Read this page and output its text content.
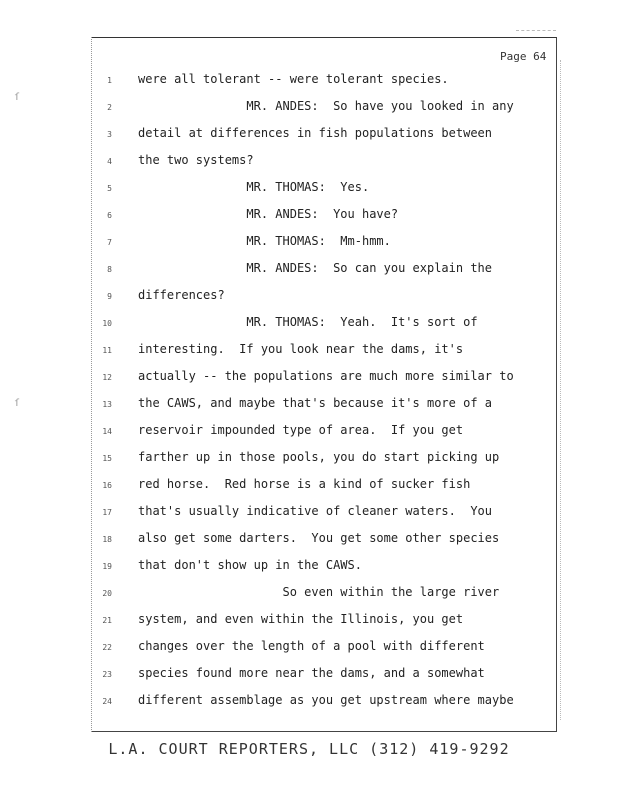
ſ
ſ
Page 64
1 were all tolerant -- were tolerant species.
2 MR. ANDES:  So have you looked in any
3 detail at differences in fish populations between
4 the two systems?
5 MR. THOMAS:  Yes.
6 MR. ANDES:  You have?
7 MR. THOMAS:  Mm-hmm.
8 MR. ANDES:  So can you explain the
9 differences?
10 MR. THOMAS:  Yeah.  It's sort of
11 interesting.  If you look near the dams, it's
12 actually -- the populations are much more similar to
13 the CAWS, and maybe that's because it's more of a
14 reservoir impounded type of area.  If you get
15 farther up in those pools, you do start picking up
16 red horse.  Red horse is a kind of sucker fish
17 that's usually indicative of cleaner waters.  You
18 also get some darters.  You get some other species
19 that don't show up in the CAWS.
20 So even within the large river
21 system, and even within the Illinois, you get
22 changes over the length of a pool with different
23 species found more near the dams, and a somewhat
24 different assemblage as you get upstream where maybe
L.A. COURT REPORTERS, LLC (312) 419-9292
